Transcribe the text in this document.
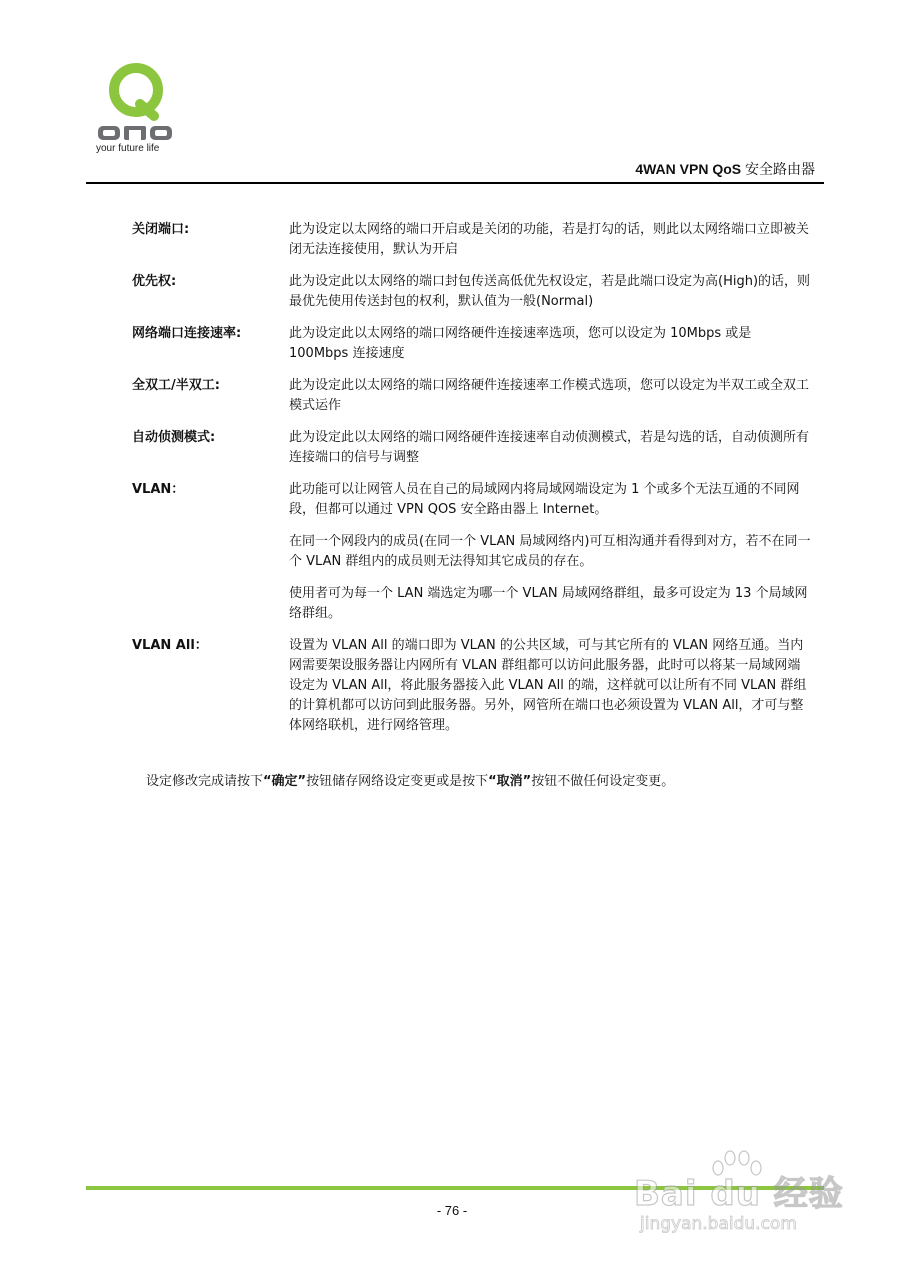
your future life
4WAN VPN QoS 安全路由器
关闭端口:	此为设定以太网络的端口开启或是关闭的功能，若是打勾的话，则此以太网络端口立即被关闭无法连接使用，默认为开启

优先权:	此为设定此以太网络的端口封包传送高低优先权设定，若是此端口设定为高(High)的话，则最优先使用传送封包的权利，默认值为一般(Normal)

网络端口连接速率:	此为设定此以太网络的端口网络硬件连接速率选项，您可以设定为 10Mbps 或是 100Mbps 连接速度

全双工/半双工:	此为设定此以太网络的端口网络硬件连接速率工作模式选项，您可以设定为半双工或全双工模式运作

自动侦测模式:	此为设定此以太网络的端口网络硬件连接速率自动侦测模式，若是勾选的话，自动侦测所有连接端口的信号与调整

VLAN：	此功能可以让网管人员在自己的局域网内将局域网端设定为 1 个或多个无法互通的不同网段，但都可以通过 VPN QOS 安全路由器上 Internet。

在同一个网段内的成员(在同一个 VLAN 局域网络内)可互相沟通并看得到对方，若不在同一个 VLAN 群组内的成员则无法得知其它成员的存在。

使用者可为每一个 LAN 端选定为哪一个 VLAN 局域网络群组，最多可设定为 13 个局域网络群组。

VLAN All：	设置为 VLAN All 的端口即为 VLAN 的公共区域，可与其它所有的 VLAN 网络互通。当内网需要架设服务器让内网所有 VLAN 群组都可以访问此服务器，此时可以将某一局域网端设定为 VLAN All，将此服务器接入此 VLAN All 的端，这样就可以让所有不同 VLAN 群组的计算机都可以访问到此服务器。另外，网管所在端口也必须设置为 VLAN All，才可与整体网络联机，进行网络管理。

设定修改完成请按下“确定”按钮储存网络设定变更或是按下“取消”按钮不做任何设定变更。
- 76 -	Bai du 经验
jingyan.baidu.com
